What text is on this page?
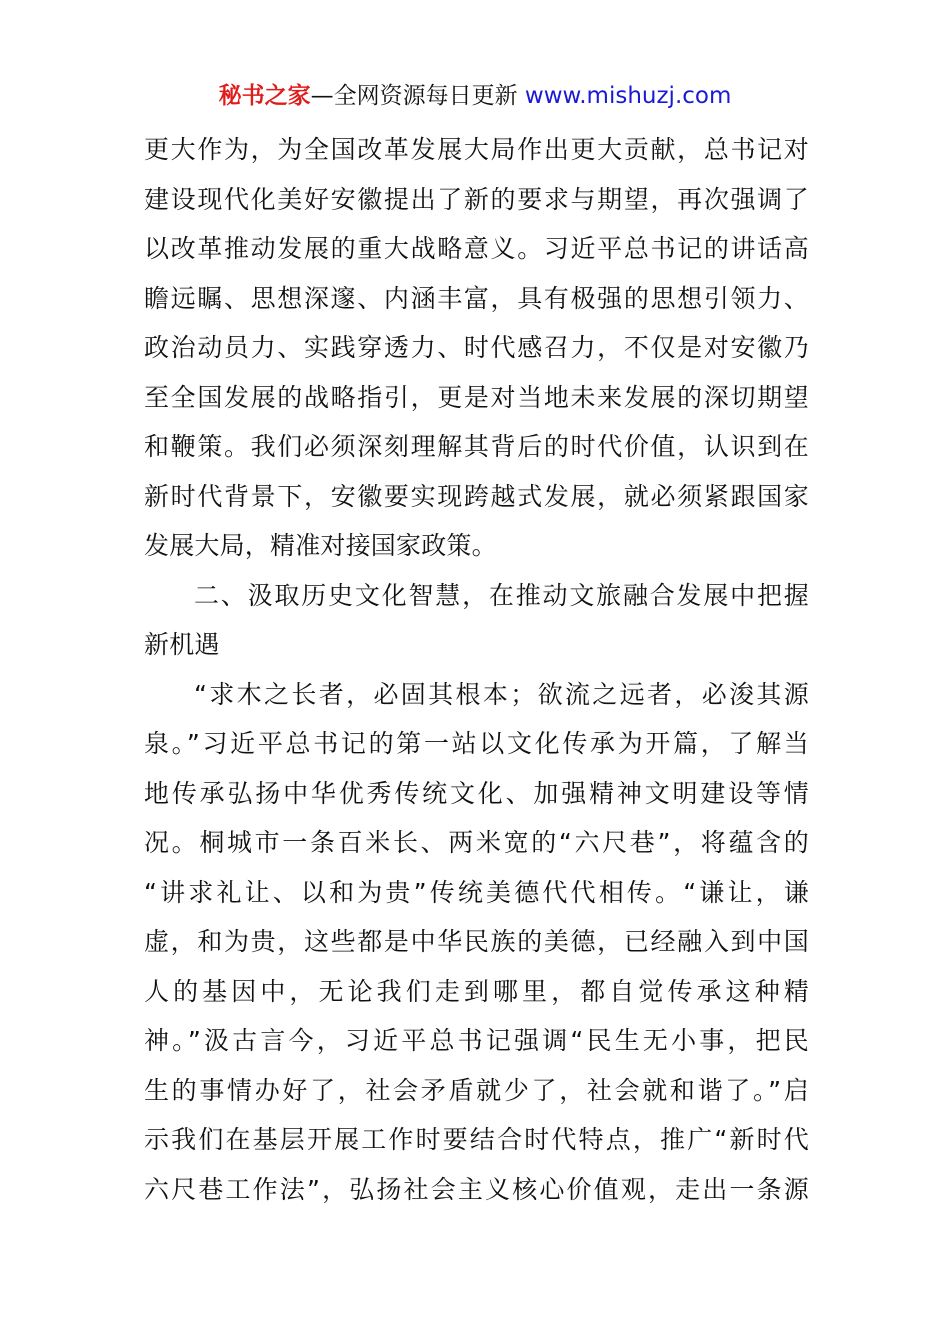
秘书之家—全网资源每日更新 www.mishuzj.com
更大作为，为全国改革发展大局作出更大贡献，总书记对
建设现代化美好安徽提出了新的要求与期望，再次强调了
以改革推动发展的重大战略意义。习近平总书记的讲话高
瞻远瞩、思想深邃、内涵丰富，具有极强的思想引领力、
政治动员力、实践穿透力、时代感召力，不仅是对安徽乃
至全国发展的战略指引，更是对当地未来发展的深切期望
和鞭策。我们必须深刻理解其背后的时代价值，认识到在
新时代背景下，安徽要实现跨越式发展，就必须紧跟国家
发展大局，精准对接国家政策。
二、汲取历史文化智慧，在推动文旅融合发展中把握
新机遇
“求木之长者，必固其根本；欲流之远者，必浚其源
泉。”习近平总书记的第一站以文化传承为开篇，了解当
地传承弘扬中华优秀传统文化、加强精神文明建设等情
况。桐城市一条百米长、两米宽的“六尺巷”，将蕴含的
“讲求礼让、以和为贵”传统美德代代相传。“谦让，谦
虚，和为贵，这些都是中华民族的美德，已经融入到中国
人的基因中，无论我们走到哪里，都自觉传承这种精
神。”汲古言今，习近平总书记强调“民生无小事，把民
生的事情办好了，社会矛盾就少了，社会就和谐了。”启
示我们在基层开展工作时要结合时代特点，推广“新时代
六尺巷工作法”，弘扬社会主义核心价值观，走出一条源
